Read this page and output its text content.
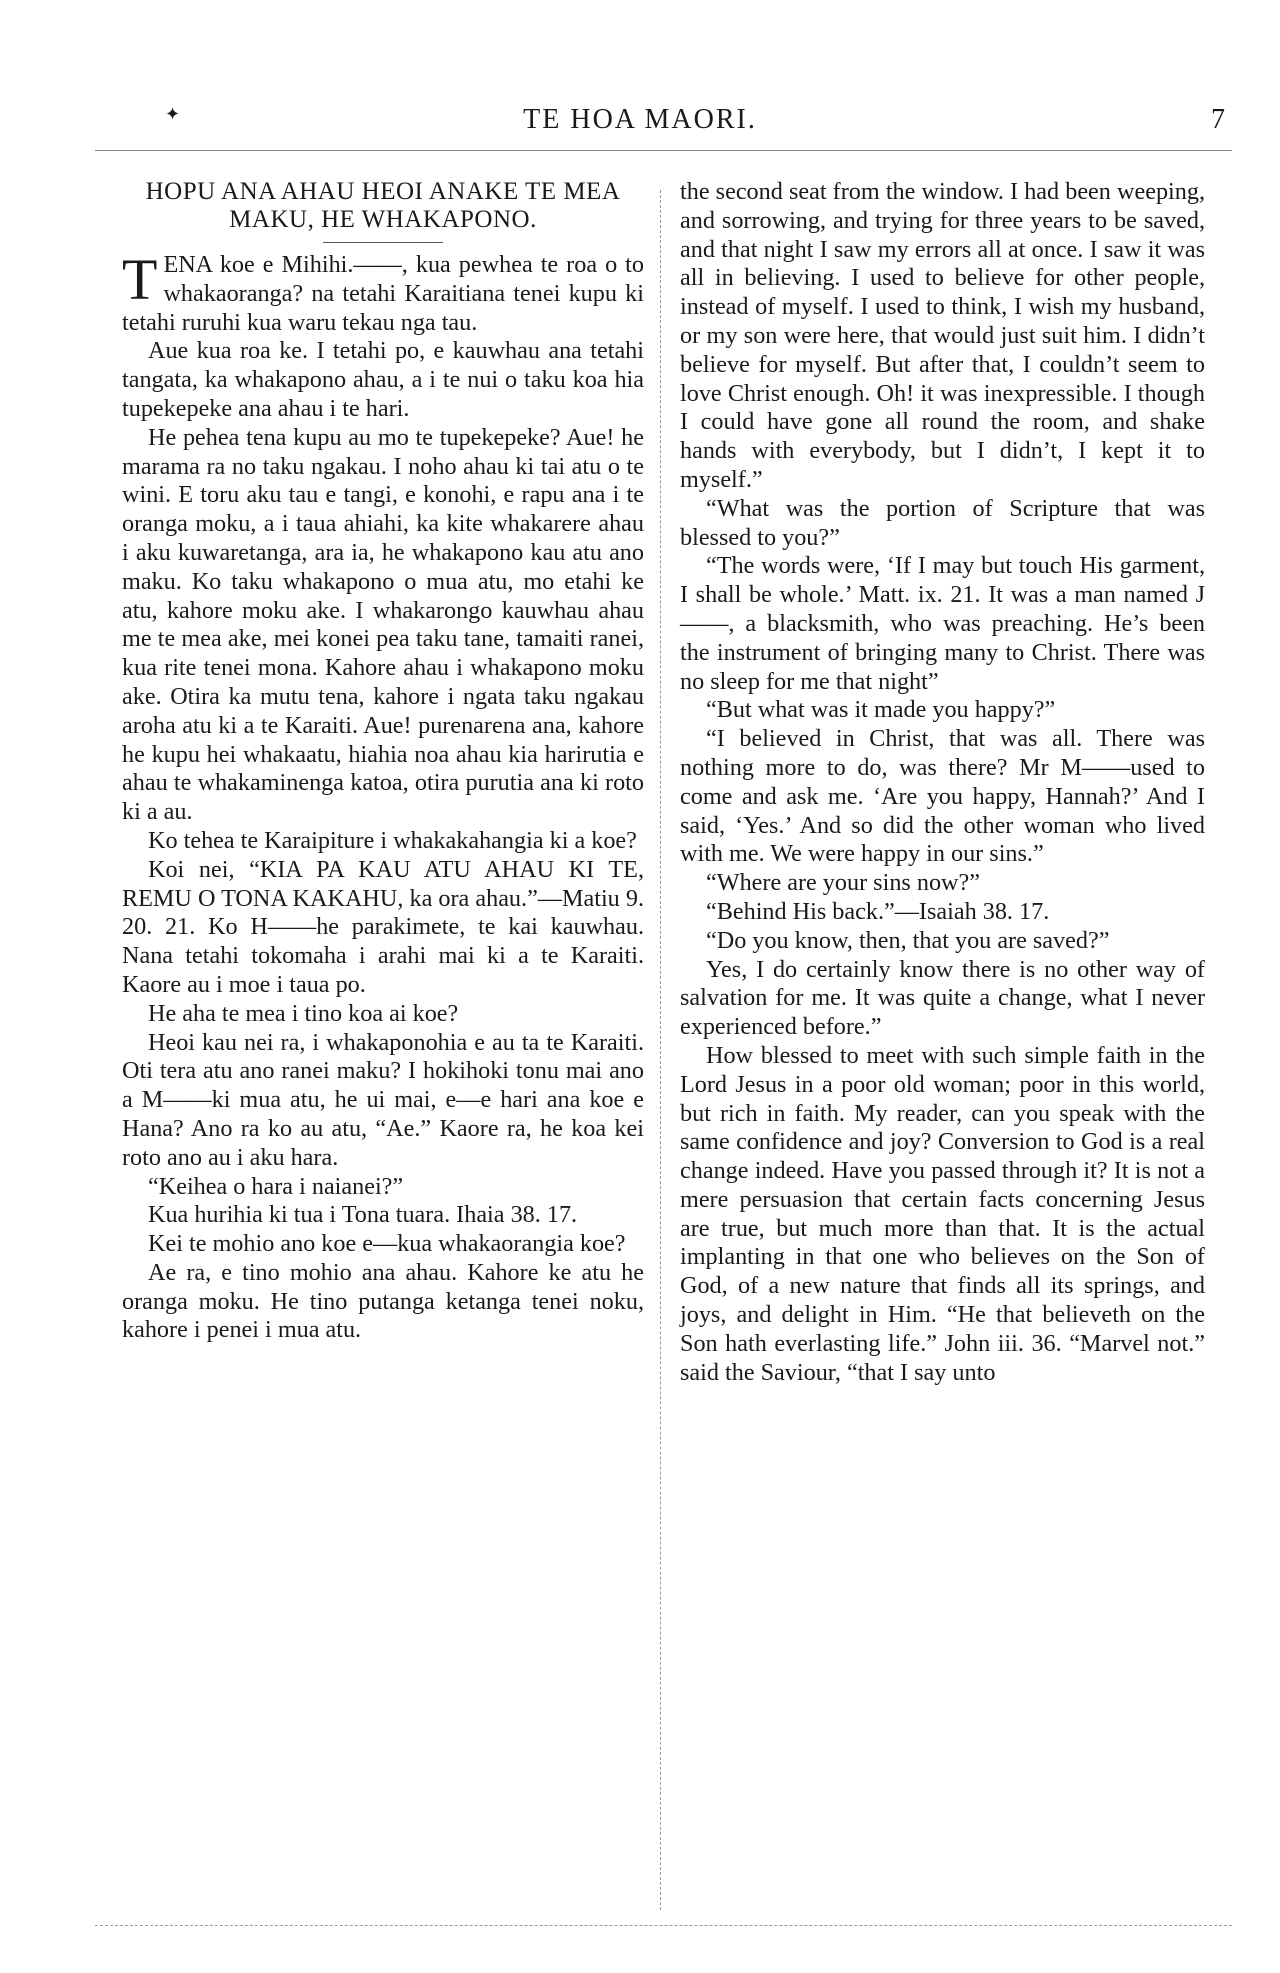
✦	TE HOA MAORI.	7
HOPU ANA AHAU HEOI ANAKE TE MEA MAKU, HE WHAKAPONO.

TENA koe e Mihihi.——, kua pewhea te roa o to whakaoranga? na tetahi Karaitiana tenei kupu ki tetahi ruruhi kua waru tekau nga tau.

Aue kua roa ke. I tetahi po, e kauwhau ana tetahi tangata, ka whakapono ahau, a i te nui o taku koa hia tupekepeke ana ahau i te hari.

He pehea tena kupu au mo te tupekepeke? Aue! he marama ra no taku ngakau. I noho ahau ki tai atu o te wini. E toru aku tau e tangi, e konohi, e rapu ana i te oranga moku, a i taua ahiahi, ka kite whakarere ahau i aku kuwaretanga, ara ia, he whakapono kau atu ano maku. Ko taku whakapono o mua atu, mo etahi ke atu, kahore moku ake. I whakarongo kauwhau ahau me te mea ake, mei konei pea taku tane, tamaiti ranei, kua rite tenei mona. Kahore ahau i whakapono moku ake. Otira ka mutu tena, kahore i ngata taku ngakau aroha atu ki a te Karaiti. Aue! purenarena ana, kahore he kupu hei whakaatu, hiahia noa ahau kia harirutia e ahau te whakaminenga katoa, otira purutia ana ki roto ki a au.

Ko tehea te Karaipiture i whakakahangia ki a koe?

Koi nei, “KIA PA KAU ATU AHAU KI TE, REMU O TONA KAKAHU, ka ora ahau.”—Matiu 9. 20. 21. Ko H——he parakimete, te kai kauwhau. Nana tetahi tokomaha i arahi mai ki a te Karaiti. Kaore au i moe i taua po.

He aha te mea i tino koa ai koe?

Heoi kau nei ra, i whakaponohia e au ta te Karaiti. Oti tera atu ano ranei maku? I hokihoki tonu mai ano a M——ki mua atu, he ui mai, e—e hari ana koe e Hana? Ano ra ko au atu, “Ae.” Kaore ra, he koa kei roto ano au i aku hara.

“Keihea o hara i naianei?”

Kua hurihia ki tua i Tona tuara. Ihaia 38. 17.

Kei te mohio ano koe e—kua whakaorangia koe?

Ae ra, e tino mohio ana ahau. Kahore ke atu he oranga moku. He tino putanga ketanga tenei noku, kahore i penei i mua atu.

the second seat from the window. I had been weeping, and sorrowing, and trying for three years to be saved, and that night I saw my errors all at once. I saw it was all in believing. I used to believe for other people, instead of myself. I used to think, I wish my husband, or my son were here, that would just suit him. I didn’t believe for myself. But after that, I couldn’t seem to love Christ enough. Oh! it was inexpressible. I though I could have gone all round the room, and shake hands with everybody, but I didn’t, I kept it to myself.”

“What was the portion of Scripture that was blessed to you?”

“The words were, ‘If I may but touch His garment, I shall be whole.’ Matt. ix. 21. It was a man named J——, a blacksmith, who was preaching. He’s been the instrument of bringing many to Christ. There was no sleep for me that night”

“But what was it made you happy?”

“I believed in Christ, that was all. There was nothing more to do, was there? Mr M——used to come and ask me. ‘Are you happy, Hannah?’ And I said, ‘Yes.’ And so did the other woman who lived with me. We were happy in our sins.”

“Where are your sins now?”

“Behind His back.”—Isaiah 38. 17.

“Do you know, then, that you are saved?”

Yes, I do certainly know there is no other way of salvation for me. It was quite a change, what I never experienced before.”

How blessed to meet with such simple faith in the Lord Jesus in a poor old woman; poor in this world, but rich in faith. My reader, can you speak with the same confidence and joy? Conversion to God is a real change indeed. Have you passed through it? It is not a mere persuasion that certain facts concerning Jesus are true, but much more than that. It is the actual implanting in that one who believes on the Son of God, of a new nature that finds all its springs, and joys, and delight in Him. “He that believeth on the Son hath everlasting life.” John iii. 36. “Marvel not.” said the Saviour, “that I say unto
